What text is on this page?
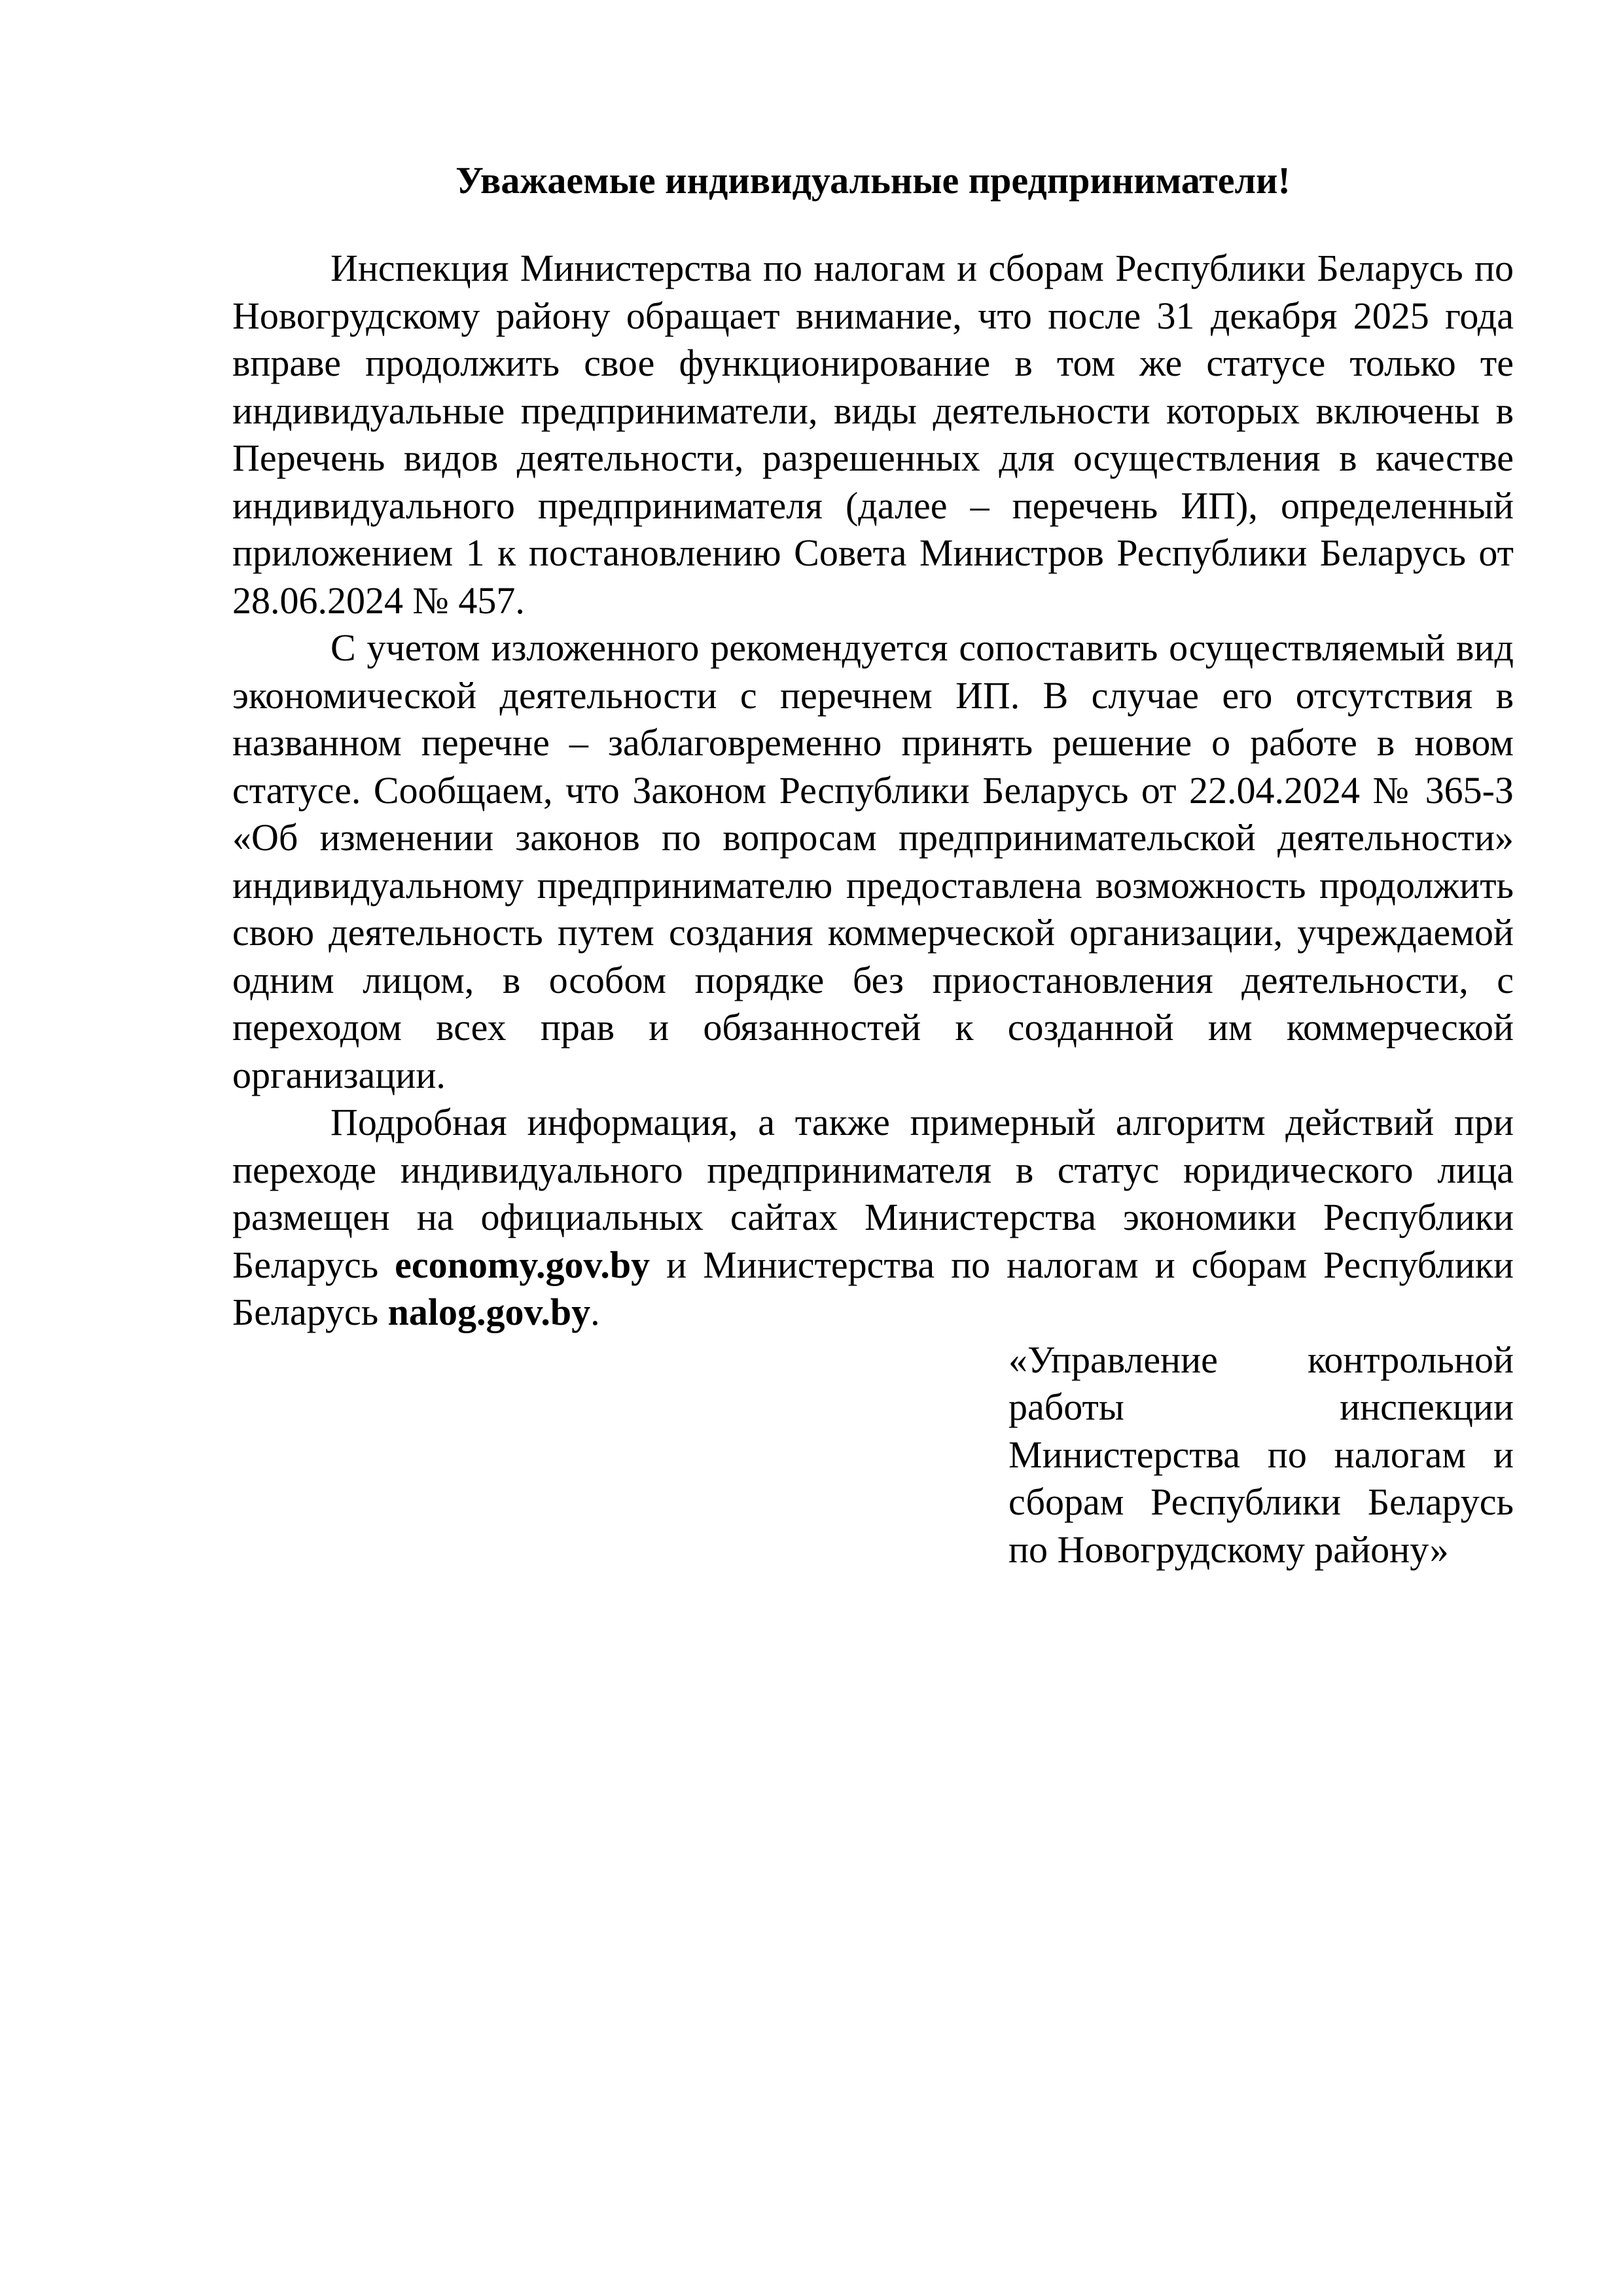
Уважаемые индивидуальные предприниматели!

Инспекция Министерства по налогам и сборам Республики Беларусь по Новогрудскому району обращает внимание, что после 31 декабря 2025 года вправе продолжить свое функционирование в том же статусе только те индивидуальные предприниматели, виды деятельности которых включены в Перечень видов деятельности, разрешенных для осуществления в качестве индивидуального предпринимателя (далее – перечень ИП), определенный приложением 1 к постановлению Совета Министров Республики Беларусь от 28.06.2024 № 457.

С учетом изложенного рекомендуется сопоставить осуществляемый вид экономической деятельности с перечнем ИП. В случае его отсутствия в названном перечне – заблаговременно принять решение о работе в новом статусе. Сообщаем, что Законом Республики Беларусь от 22.04.2024 № 365-З «Об изменении законов по вопросам предпринимательской деятельности» индивидуальному предпринимателю предоставлена возможность продолжить свою деятельность путем создания коммерческой организации, учреждаемой одним лицом, в особом порядке без приостановления деятельности, с переходом всех прав и обязанностей к созданной им коммерческой организации.

Подробная информация, а также примерный алгоритм действий при переходе индивидуального предпринимателя в статус юридического лица размещен на официальных сайтах Министерства экономики Республики Беларусь economy.gov.by и Министерства по налогам и сборам Республики Беларусь nalog.gov.by.

«Управление контрольной работы инспекции Министерства по налогам и сборам Республики Беларусь по Новогрудскому району»
